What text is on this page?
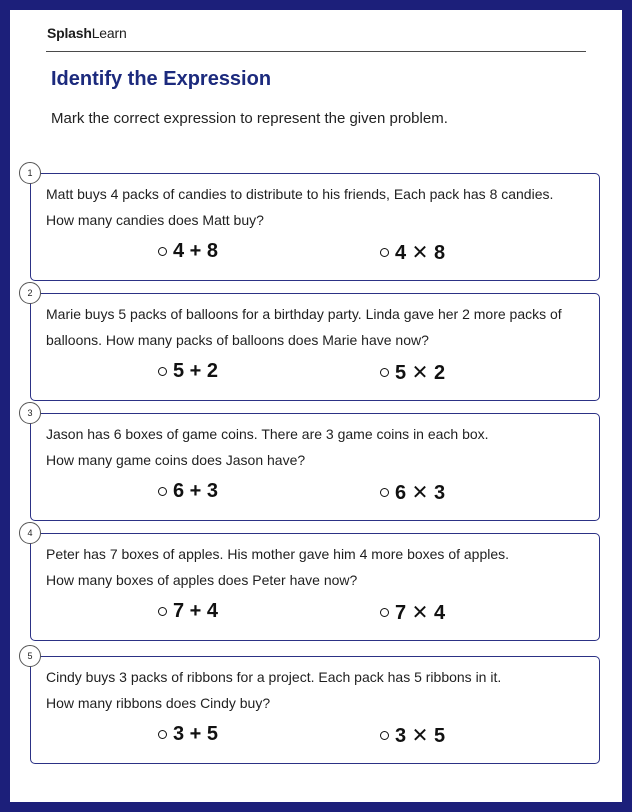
SplashLearn
Identify the Expression
Mark the correct expression to represent the given problem.
1

Matt buys 4 packs of candies to distribute to his friends, Each pack has 8 candies.

How many candies does Matt buy?

4 + 8	4 ✕ 8
2

Marie buys 5 packs of balloons for a birthday party. Linda gave her 2 more packs of

balloons. How many packs of balloons does Marie have now?

5 + 2	5 ✕ 2
3

Jason has 6 boxes of game coins. There are 3 game coins in each box.

How many game coins does Jason have?

6 + 3	6 ✕ 3
4

Peter has 7 boxes of apples. His mother gave him 4 more boxes of apples.

How many boxes of apples does Peter have now?

7 + 4	7 ✕ 4
5

Cindy buys 3 packs of ribbons for a project. Each pack has 5 ribbons in it.

How many ribbons does Cindy buy?

3 + 5	3 ✕ 5
